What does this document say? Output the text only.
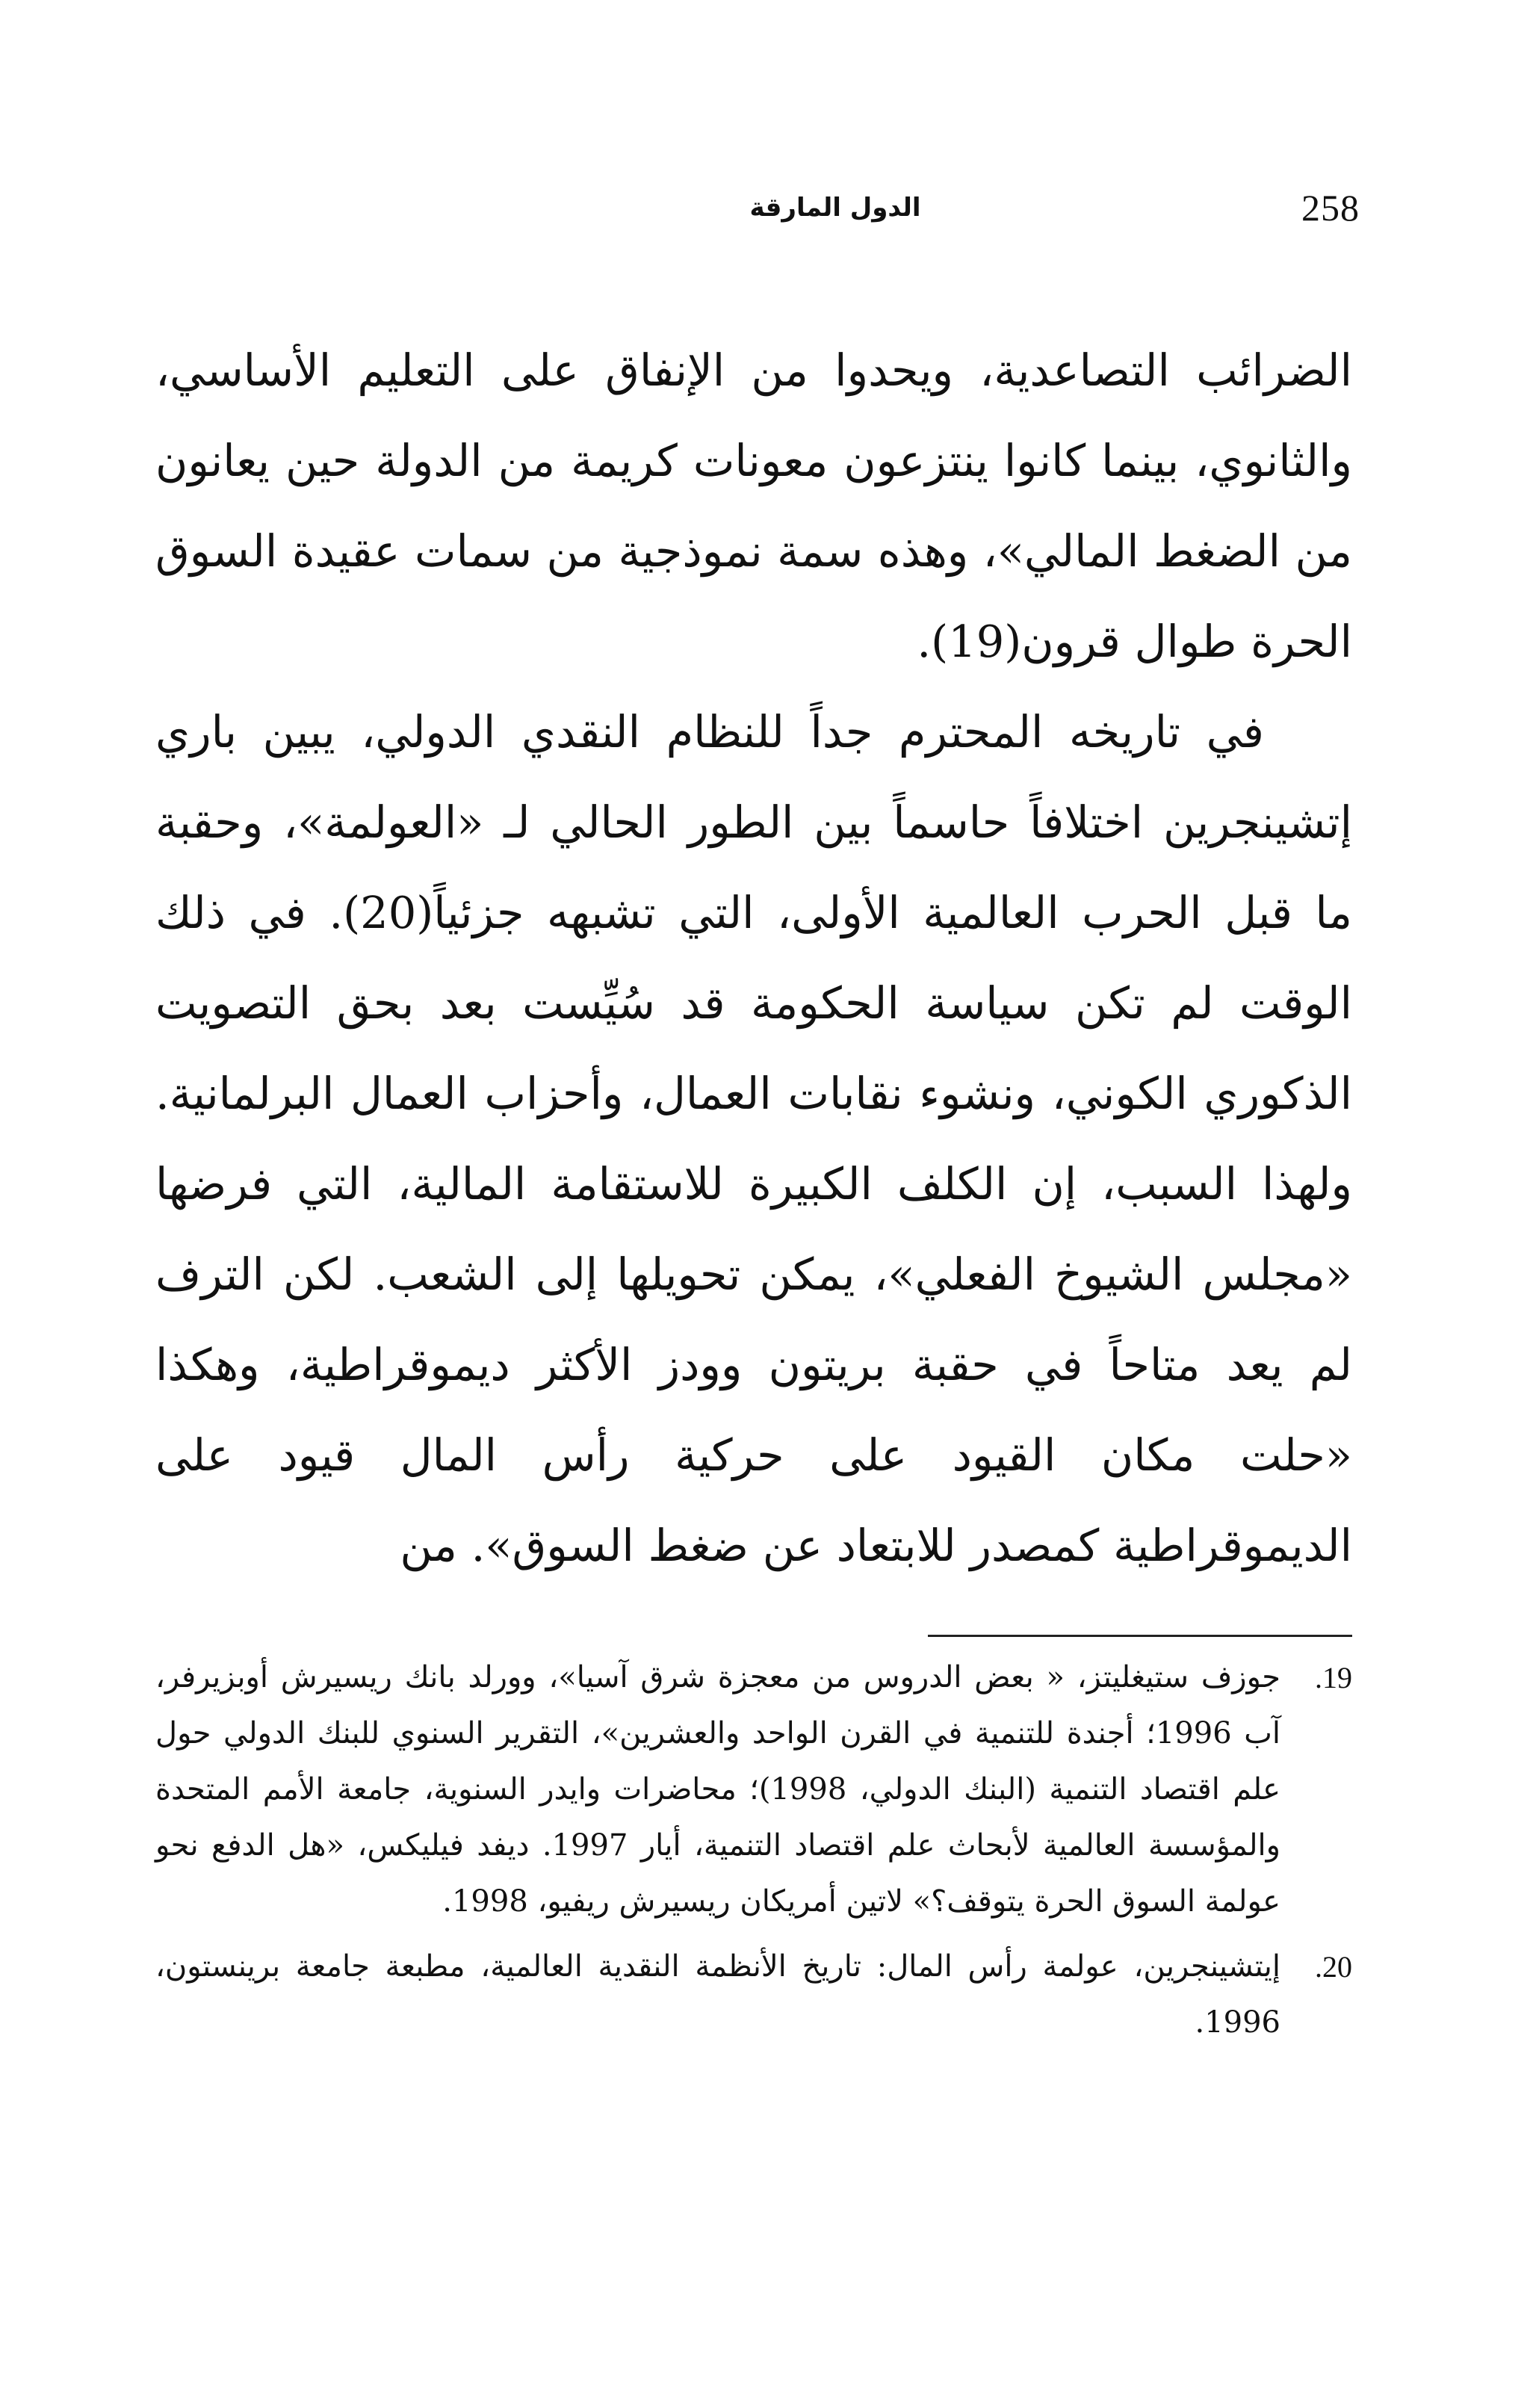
258
الدول المارقة

الضرائب التصاعدية، ويحدوا من الإنفاق على التعليم الأساسي، والثانوي، بينما كانوا ينتزعون معونات كريمة من الدولة حين يعانون من الضغط المالي»، وهذه سمة نموذجية من سمات عقيدة السوق الحرة طوال قرون(19).

في تاريخه المحترم جداً للنظام النقدي الدولي، يبين باري إتشينجرين اختلافاً حاسماً بين الطور الحالي لـ «العولمة»، وحقبة ما قبل الحرب العالمية الأولى، التي تشبهه جزئياً(20). في ذلك الوقت لم تكن سياسة الحكومة قد سُيِّست بعد بحق التصويت الذكوري الكوني، ونشوء نقابات العمال، وأحزاب العمال البرلمانية. ولهذا السبب، إن الكلف الكبيرة للاستقامة المالية، التي فرضها «مجلس الشيوخ الفعلي»، يمكن تحويلها إلى الشعب. لكن الترف لم يعد متاحاً في حقبة بريتون وودز الأكثر ديموقراطية، وهكذا «حلت مكان القيود على حركية رأس المال قيود على الديموقراطية كمصدر للابتعاد عن ضغط السوق». من

19.
جوزف ستيغليتز، « بعض الدروس من معجزة شرق آسيا»، وورلد بانك ريسيرش أوبزيرفر، آب 1996؛ أجندة للتنمية في القرن الواحد والعشرين»، التقرير السنوي للبنك الدولي حول علم اقتصاد التنمية (البنك الدولي، 1998)؛ محاضرات وايدر السنوية، جامعة الأمم المتحدة والمؤسسة العالمية لأبحاث علم اقتصاد التنمية، أيار 1997. ديفد فيليكس، «هل الدفع نحو عولمة السوق الحرة يتوقف؟» لاتين أمريكان ريسيرش ريفيو، 1998.
20.
إيتشينجرين، عولمة رأس المال: تاريخ الأنظمة النقدية العالمية، مطبعة جامعة برينستون، 1996.
